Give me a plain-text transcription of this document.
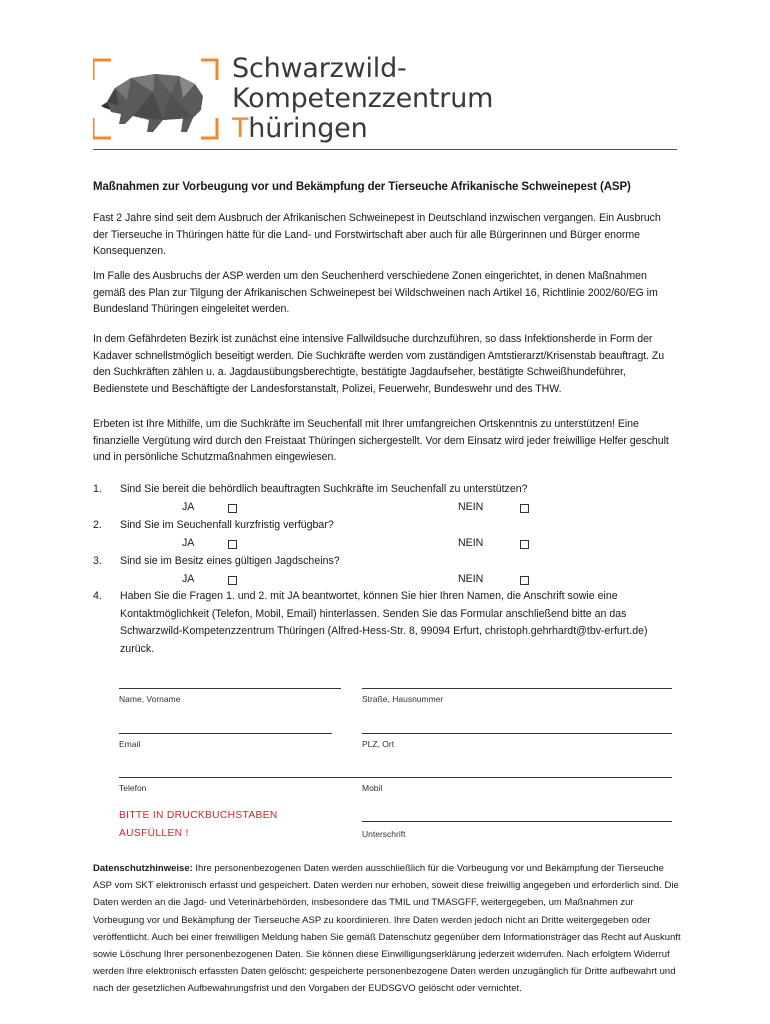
Schwarzwild-
Kompetenzzentrum
Thüringen
Maßnahmen zur Vorbeugung vor und Bekämpfung der Tierseuche Afrikanische Schweinepest (ASP)

Fast 2 Jahre sind seit dem Ausbruch der Afrikanischen Schweinepest in Deutschland inzwischen vergangen. Ein Ausbruch der Tierseuche in Thüringen hätte für die Land- und Forstwirtschaft aber auch für alle Bürgerinnen und Bürger enorme Konsequenzen.

Im Falle des Ausbruchs der ASP werden um den Seuchenherd verschiedene Zonen eingerichtet, in denen Maßnahmen gemäß des Plan zur Tilgung der Afrikanischen Schweinepest bei Wildschweinen nach Artikel 16, Richtlinie 2002/60/EG im Bundesland Thüringen eingeleitet werden.

In dem Gefährdeten Bezirk ist zunächst eine intensive Fallwildsuche durchzuführen, so dass Infektionsherde in Form der Kadaver schnellstmöglich beseitigt werden. Die Suchkräfte werden vom zuständigen Amtstierarzt/Krisenstab beauftragt. Zu den Suchkräften zählen u. a. Jagdausübungsberechtigte, bestätigte Jagdaufseher, bestätigte Schweißhundeführer, Bedienstete und Beschäftigte der Landesforstanstalt, Polizei, Feuerwehr, Bundeswehr und des THW.

Erbeten ist Ihre Mithilfe, um die Suchkräfte im Seuchenfall mit Ihrer umfangreichen Ortskenntnis zu unterstützen! Eine finanzielle Vergütung wird durch den Freistaat Thüringen sichergestellt. Vor dem Einsatz wird jeder freiwillige Helfer geschult und in persönliche Schutzmaßnahmen eingewiesen.

1. Sind Sie bereit die behördlich beauftragten Suchkräfte im Seuchenfall zu unterstützen?
JA	NEIN
2. Sind Sie im Seuchenfall kurzfristig verfügbar?
JA	NEIN
3. Sind sie im Besitz eines gültigen Jagdscheins?
JA	NEIN
4. Haben Sie die Fragen 1. und 2. mit JA beantwortet, können Sie hier Ihren Namen, die Anschrift sowie eine Kontaktmöglichkeit (Telefon, Mobil, Email) hinterlassen. Senden Sie das Formular anschließend bitte an das Schwarzwild-Kompetenzzentrum Thüringen (Alfred-Hess-Str. 8, 99094 Erfurt, christoph.gehrhardt@tbv-erfurt.de) zurück.

Name, Vorname	Straße, Hausnummer
Email	PLZ, Ort
Telefon	Mobil
BITTE IN DRUCKBUCHSTABEN
AUSFÜLLEN !	Unterschrift

Datenschutzhinweise: Ihre personenbezogenen Daten werden ausschließlich für die Vorbeugung vor und Bekämpfung der Tierseuche ASP vom SKT elektronisch erfasst und gespeichert. Daten werden nur erhoben, soweit diese freiwillig angegeben und erforderlich sind. Die Daten werden an die Jagd- und Veterinärbehörden, insbesondere das TMIL und TMASGFF, weitergegeben, um Maßnahmen zur Vorbeugung vor und Bekämpfung der Tierseuche ASP zu koordinieren. Ihre Daten werden jedoch nicht an Dritte weitergegeben oder veröffentlicht. Auch bei einer freiwilligen Meldung haben Sie gemäß Datenschutz gegenüber dem Informationsträger das Recht auf Auskunft sowie Löschung Ihrer personenbezogenen Daten. Sie können diese Einwilligungserklärung jederzeit widerrufen. Nach erfolgtem Widerruf werden Ihre elektronisch erfassten Daten gelöscht; gespeicherte personenbezogene Daten werden unzugänglich für Dritte aufbewahrt und nach der gesetzlichen Aufbewahrungsfrist und den Vorgaben der EUDSGVO gelöscht oder vernichtet.
